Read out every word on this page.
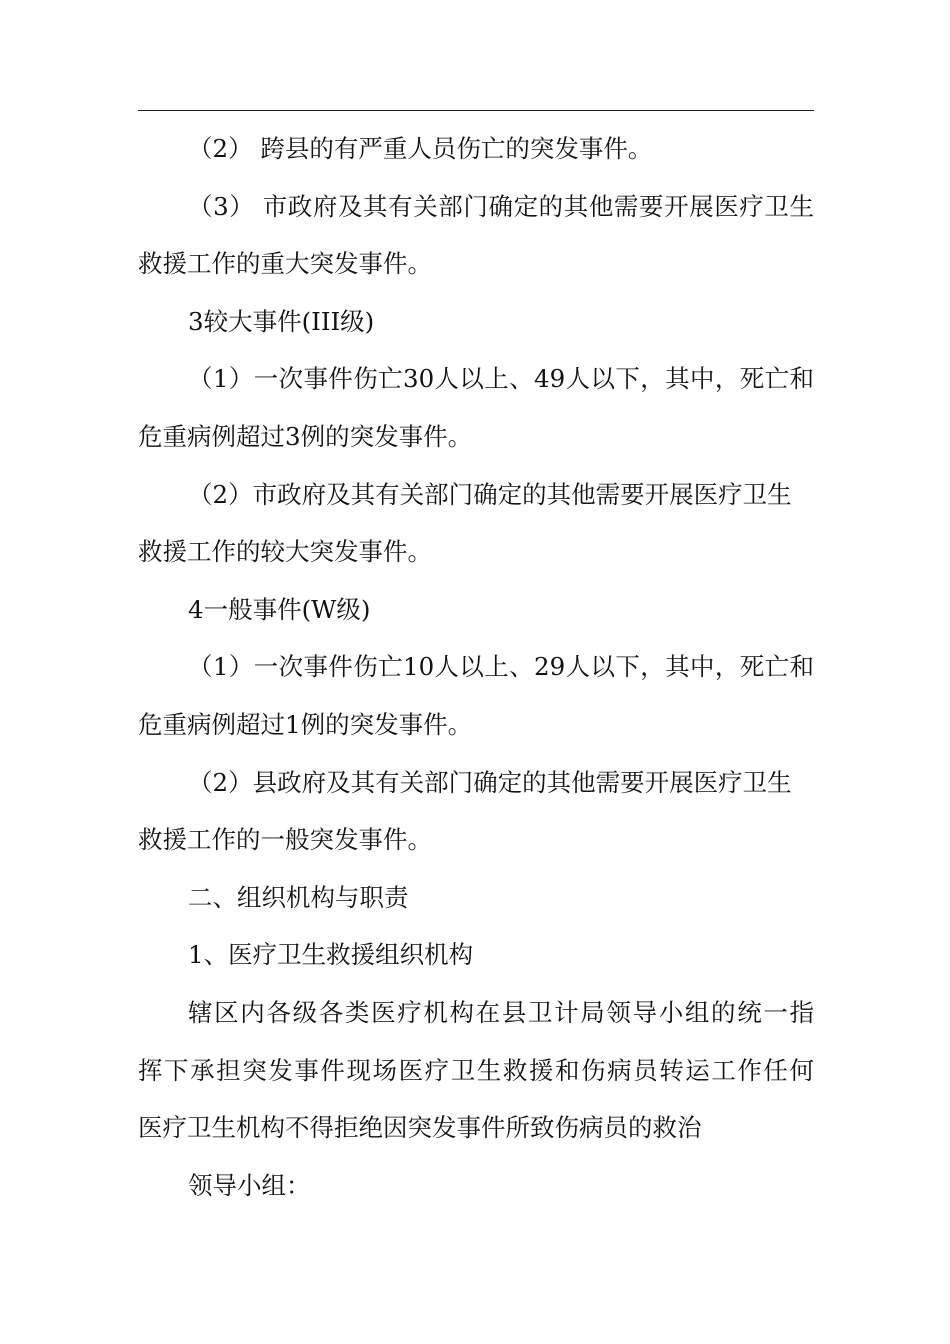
（2） 跨县的有严重人员伤亡的突发事件。
（3） 市政府及其有关部门确定的其他需要开展医疗卫生
救援工作的重大突发事件。
3较大事件(III级)
（1）一次事件伤亡30人以上、49人以下，其中，死亡和
危重病例超过3例的突发事件。
（2）市政府及其有关部门确定的其他需要开展医疗卫生
救援工作的较大突发事件。
4一般事件(W级)
（1）一次事件伤亡10人以上、29人以下，其中，死亡和
危重病例超过1例的突发事件。
（2）县政府及其有关部门确定的其他需要开展医疗卫生
救援工作的一般突发事件。
二、组织机构与职责
1、医疗卫生救援组织机构
辖区内各级各类医疗机构在县卫计局领导小组的统一指
挥下承担突发事件现场医疗卫生救援和伤病员转运工作任何
医疗卫生机构不得拒绝因突发事件所致伤病员的救治
领导小组：
